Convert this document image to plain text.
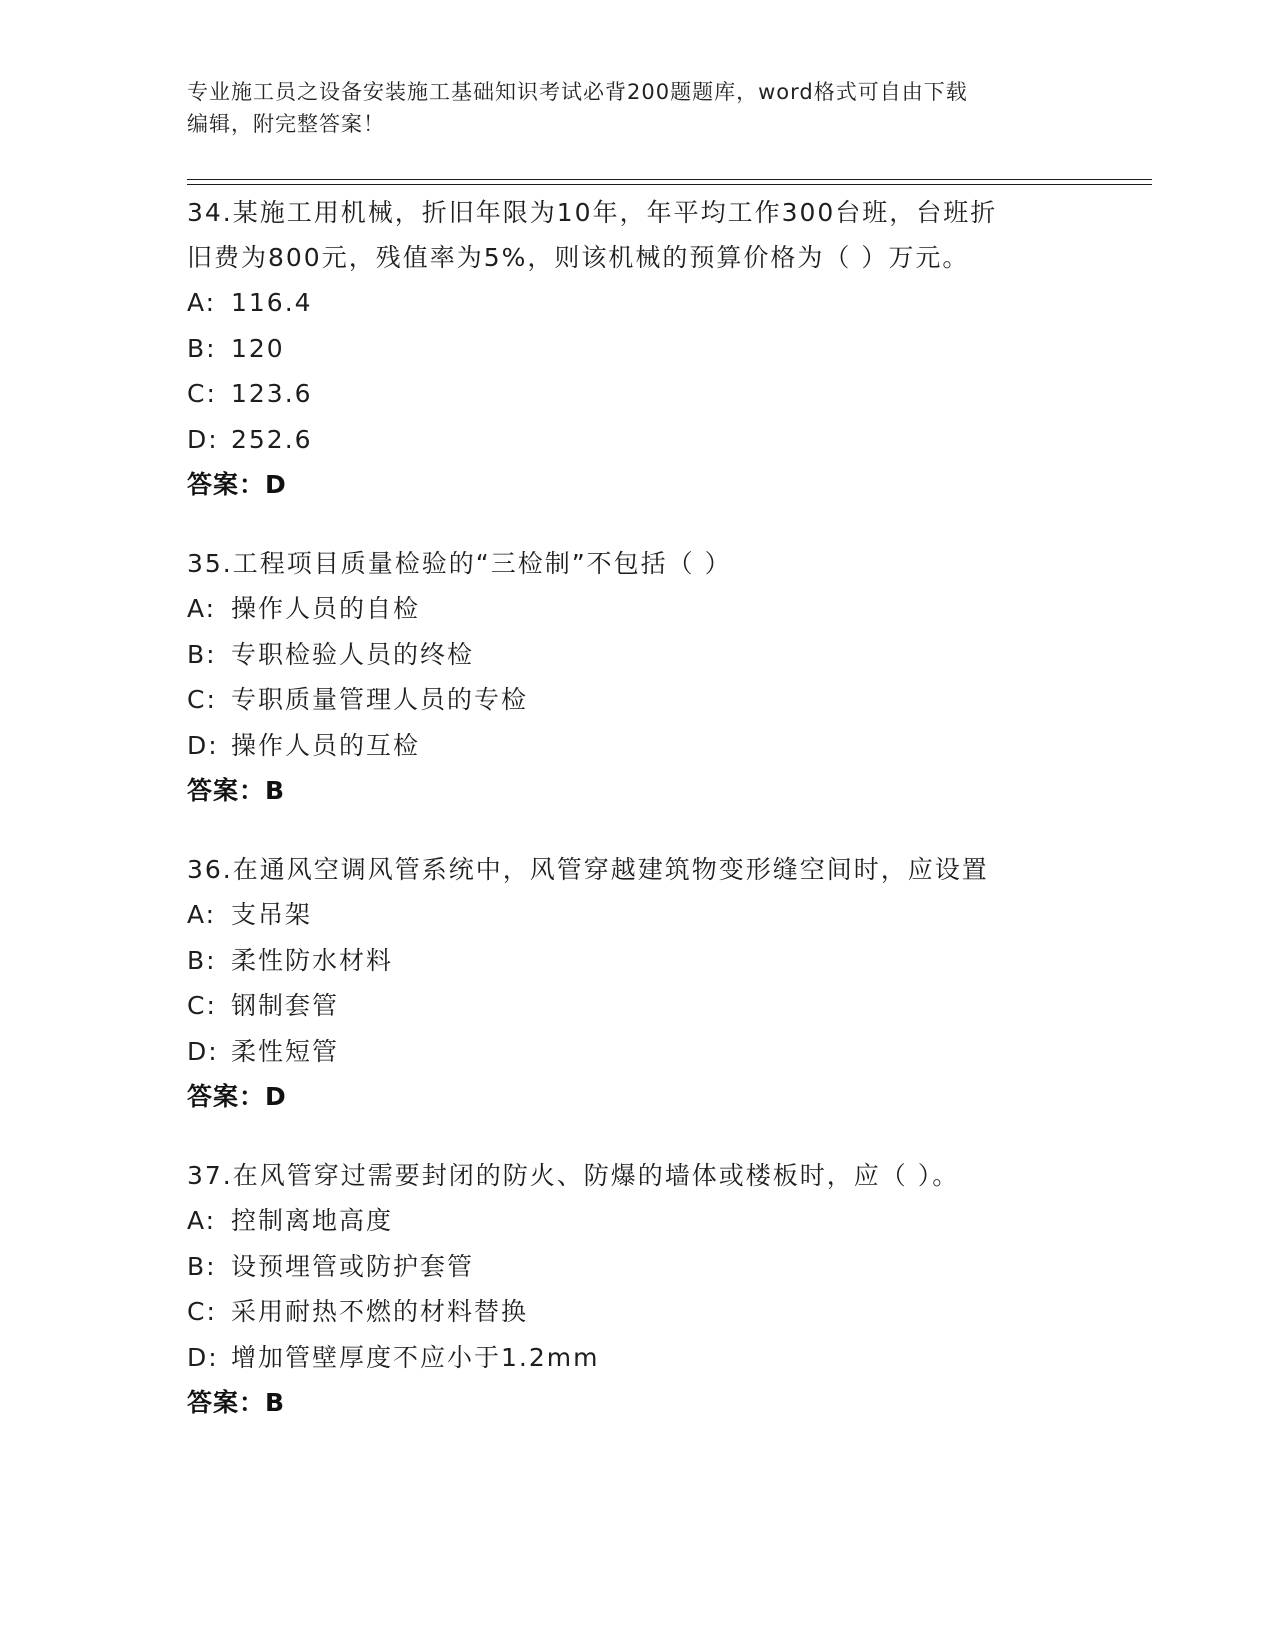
专业施工员之设备安装施工基础知识考试必背200题题库，word格式可自由下载
编辑，附完整答案！
34.某施工用机械，折旧年限为10年，年平均工作300台班，台班折
旧费为800元，残值率为5%，则该机械的预算价格为（ ）万元。
A: 116.4
B: 120
C: 123.6
D: 252.6
答案：D
35.工程项目质量检验的“三检制”不包括（ ）
A: 操作人员的自检
B: 专职检验人员的终检
C: 专职质量管理人员的专检
D: 操作人员的互检
答案：B
36.在通风空调风管系统中，风管穿越建筑物变形缝空间时，应设置
A: 支吊架
B: 柔性防水材料
C: 钢制套管
D: 柔性短管
答案：D
37.在风管穿过需要封闭的防火、防爆的墙体或楼板时，应（ ）。
A: 控制离地高度
B: 设预埋管或防护套管
C: 采用耐热不燃的材料替换
D: 增加管壁厚度不应小于1.2mm
答案：B
